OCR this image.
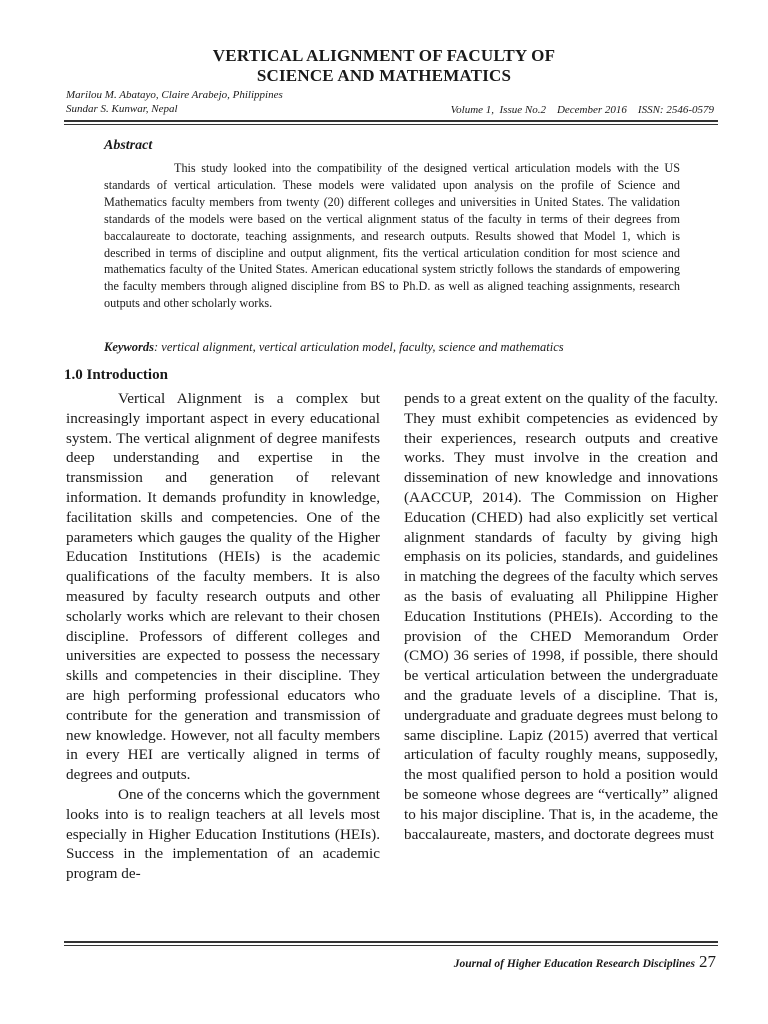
VERTICAL ALIGNMENT OF FACULTY OF
SCIENCE AND MATHEMATICS
Marilou M. Abatayo, Claire Arabejo, Philippines
Sundar S. Kunwar, Nepal	Volume 1,  Issue No.2 December 2016 ISSN: 2546-0579
Abstract
This study looked into the compatibility of the designed vertical articulation models with the US standards of vertical articulation. These models were validated upon analysis on the profile of Science and Mathematics faculty members from twenty (20) different colleges and universities in United States. The validation standards of the models were based on the vertical alignment status of the faculty in terms of their degrees from baccalaureate to doctorate, teaching assignments, and research outputs. Results showed that Model 1, which is described in terms of discipline and output alignment, fits the vertical articulation condition for most science and mathematics faculty of the United States. American educational system strictly follows the standards of empowering the faculty members through aligned discipline from BS to Ph.D. as well as aligned teaching assignments, research outputs and other scholarly works.
Keywords: vertical alignment, vertical articulation model, faculty, science and mathematics
1.0 Introduction

Vertical Alignment is a complex but increasingly important aspect in every educational system. The vertical alignment of degree manifests deep understanding and expertise in the transmission and generation of relevant information. It demands profundity in knowledge, facilitation skills and competencies. One of the parameters which gauges the quality of the Higher Education Institutions (HEIs) is the academic qualifications of the faculty members. It is also measured by faculty research outputs and other scholarly works which are relevant to their chosen discipline. Professors of different colleges and universities are expected to possess the necessary skills and competencies in their discipline. They are high performing professional educators who contribute for the generation and transmission of new knowledge. However, not all faculty members in every HEI are vertically aligned in terms of degrees and outputs.

One of the concerns which the government looks into is to realign teachers at all levels most especially in Higher Education Institutions (HEIs). Success in the implementation of an academic program de-

pends to a great extent on the quality of the faculty. They must exhibit competencies as evidenced by their experiences, research outputs and creative works. They must involve in the creation and dissemination of new knowledge and innovations (AACCUP, 2014). The Commission on Higher Education (CHED) had also explicitly set vertical alignment standards of faculty by giving high emphasis on its policies, standards, and guidelines in matching the degrees of the faculty which serves as the basis of evaluating all Philippine Higher Education Institutions (PHEIs). According to the provision of the CHED Memorandum Order (CMO) 36 series of 1998, if possible, there should be vertical articulation between the undergraduate and the graduate levels of a discipline. That is, undergraduate and graduate degrees must belong to same discipline. Lapiz (2015) averred that vertical articulation of faculty roughly means, supposedly, the most qualified person to hold a position would be someone whose degrees are “vertically” aligned to his major discipline. That is, in the academe, the baccalaureate, masters, and doctorate degrees must

Journal of Higher Education Research Disciplines 27
